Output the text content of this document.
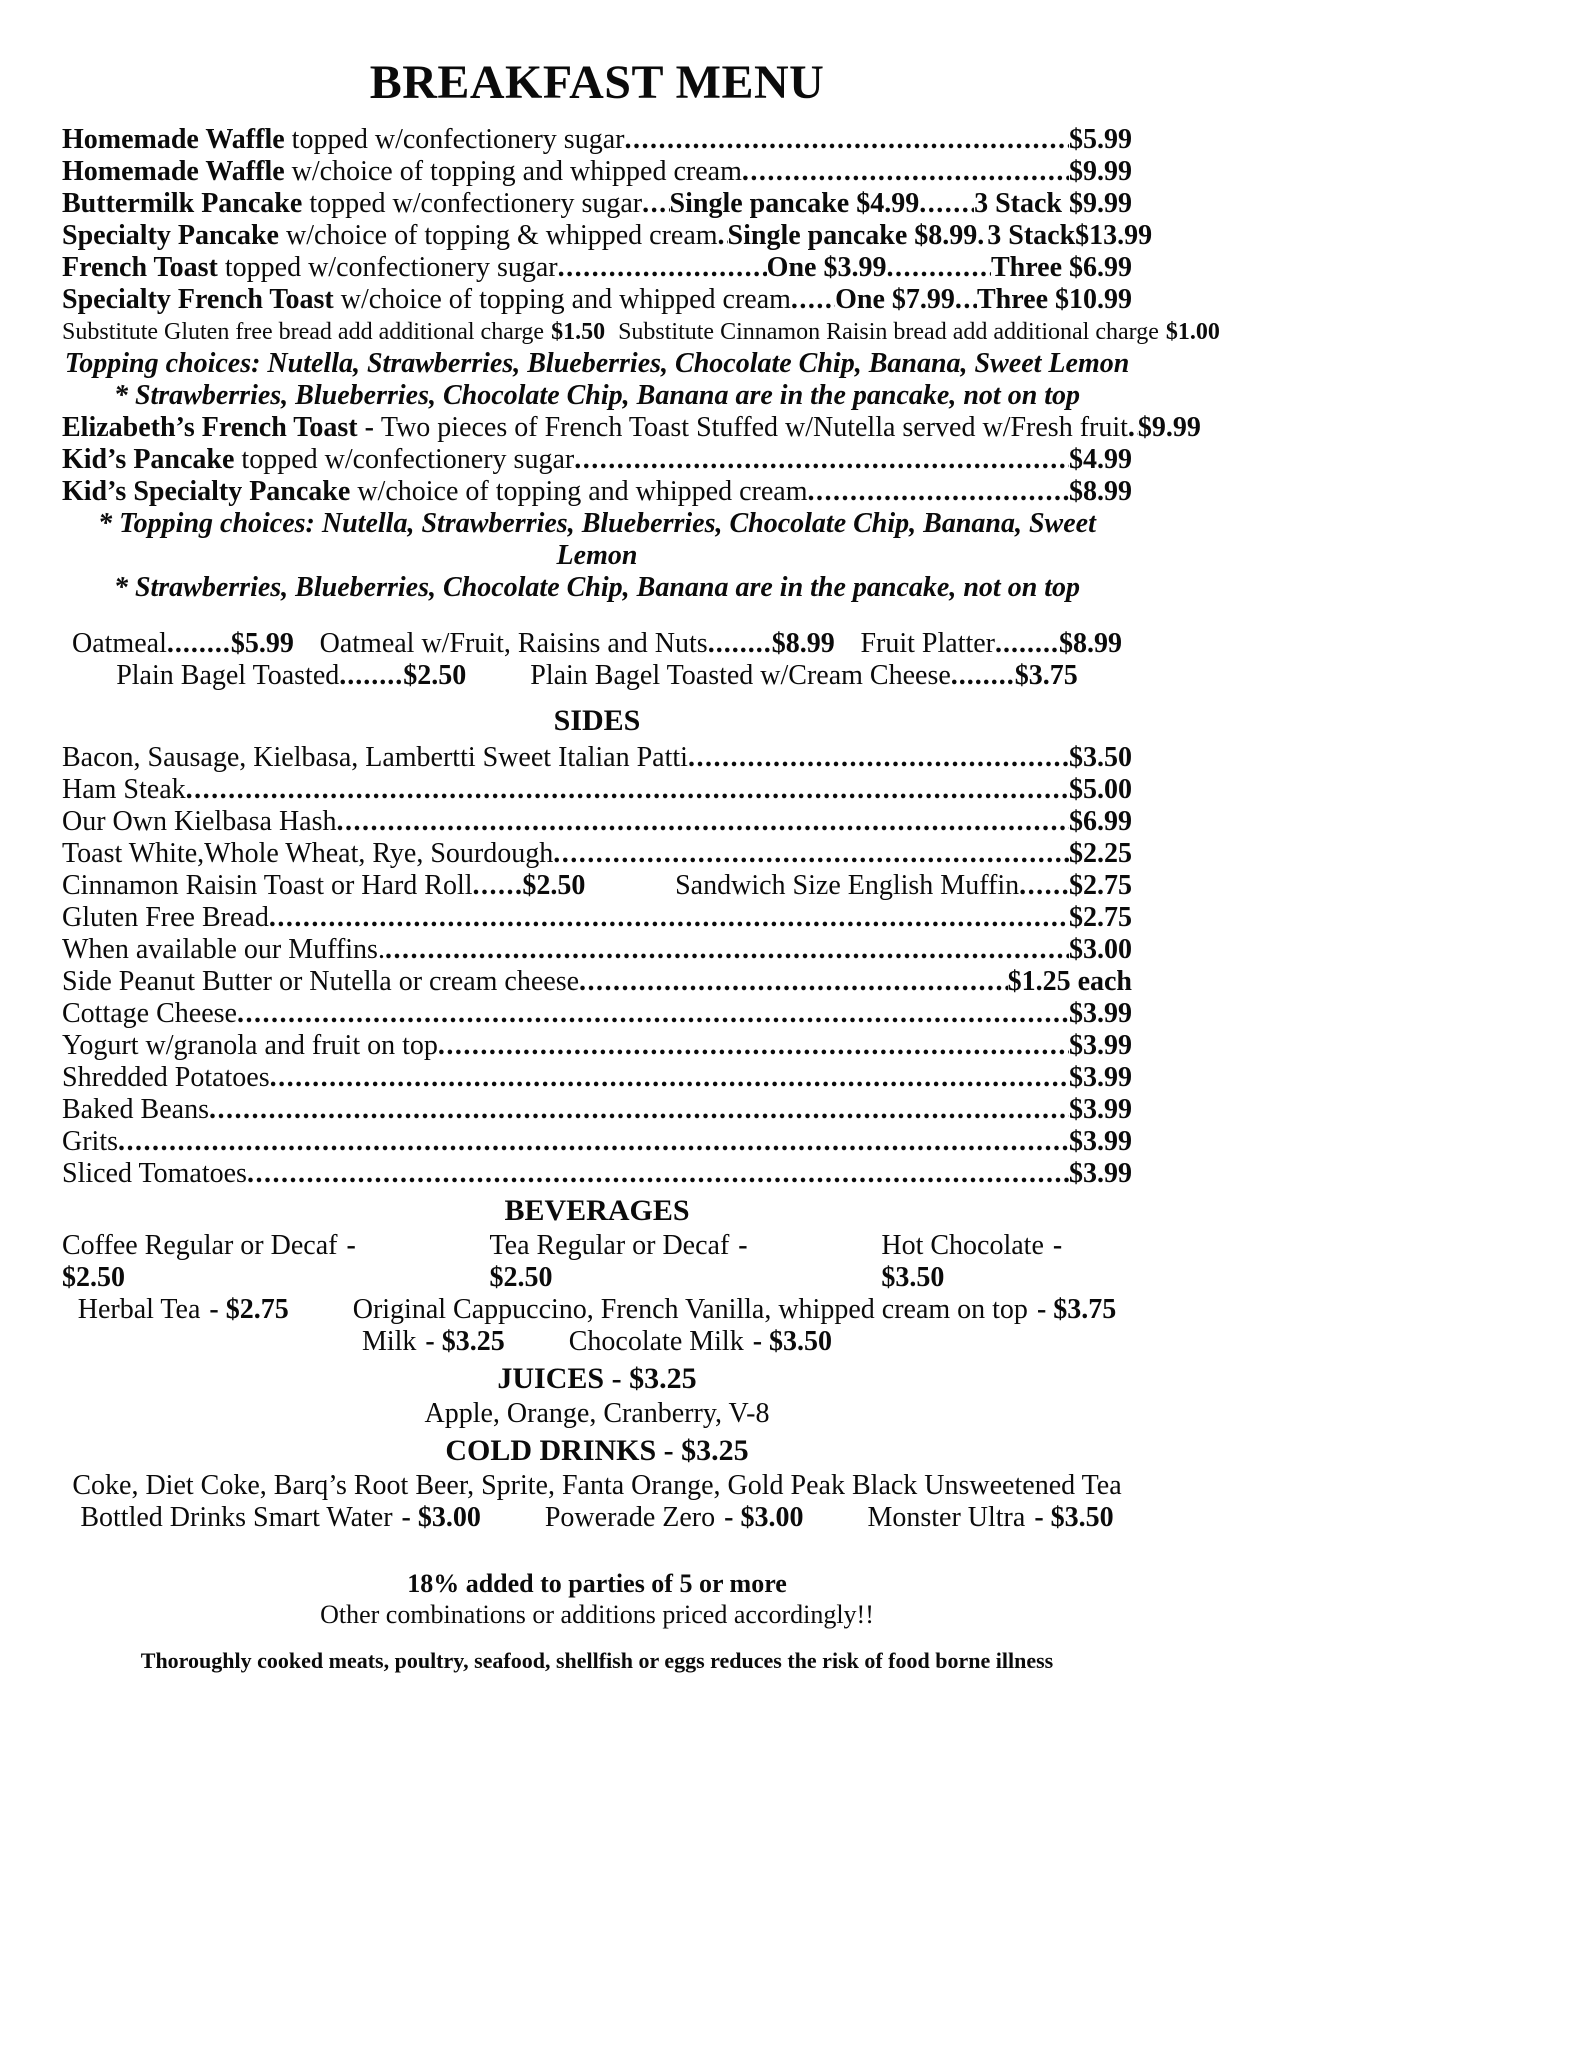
BREAKFAST MENU
Homemade Waffle topped w/confectionery sugar .....	$5.99
Homemade Waffle w/choice of topping and whipped cream .....	$9.99
Buttermilk Pancake topped w/confectionery sugar ..... Single pancake $4.99 ..... 3 Stack $9.99
Specialty Pancake w/choice of topping & whipped cream ..... Single pancake $8.99 ..... 3 Stack$13.99
French Toast topped w/confectionery sugar .....	One $3.99 .....	Three $6.99
Specialty French Toast w/choice of topping and whipped cream ..... One $7.99 ..... Three $10.99
Substitute Gluten free bread add additional charge $1.50 Substitute Cinnamon Raisin bread add additional charge $1.00
Topping choices: Nutella, Strawberries, Blueberries, Chocolate Chip, Banana, Sweet Lemon
* Strawberries, Blueberries, Chocolate Chip, Banana are in the pancake, not on top
Elizabeth’s French Toast - Two pieces of French Toast Stuffed w/Nutella served w/Fresh fruit ..... $9.99
Kid’s Pancake topped w/confectionery sugar .....	$4.99
Kid’s Specialty Pancake w/choice of topping and whipped cream .....	$8.99
* Topping choices: Nutella, Strawberries, Blueberries, Chocolate Chip, Banana, Sweet Lemon
* Strawberries, Blueberries, Chocolate Chip, Banana are in the pancake, not on top
Oatmeal ........ $5.99 Oatmeal w/Fruit, Raisins and Nuts ........ $8.99 Fruit Platter ........ $8.99
Plain Bagel Toasted ........ $2.50 Plain Bagel Toasted w/Cream Cheese ........ $3.75
SIDES
Bacon, Sausage, Kielbasa, Lambertti Sweet Italian Patti .....	$3.50
Ham Steak .....	$5.00
Our Own Kielbasa Hash .....	$6.99
Toast White,Whole Wheat, Rye, Sourdough .....	$2.25
Cinnamon Raisin Toast or Hard Roll ..... $2.50	Sandwich Size English Muffin ..... $2.75
Gluten Free Bread .....	$2.75
When available our Muffins. .....	$3.00
Side Peanut Butter or Nutella or cream cheese .....	$1.25 each
Cottage Cheese .....	$3.99
Yogurt w/granola and fruit on top .....	$3.99
Shredded Potatoes .....	$3.99
Baked Beans .....	$3.99
Grits .....	$3.99
Sliced Tomatoes .....	$3.99
BEVERAGES
Coffee Regular or Decaf - $2.50
Tea Regular or Decaf - $2.50
Hot Chocolate - $3.50
Herbal Tea - $2.75 Original Cappuccino, French Vanilla, whipped cream on top - $3.75
Milk - $3.25 Chocolate Milk - $3.50
JUICES - $3.25
Apple, Orange, Cranberry, V-8
COLD DRINKS - $3.25
Coke, Diet Coke, Barq’s Root Beer, Sprite, Fanta Orange, Gold Peak Black Unsweetened Tea
Bottled Drinks Smart Water - $3.00 Powerade Zero - $3.00 Monster Ultra - $3.50
18% added to parties of 5 or more
Other combinations or additions priced accordingly!!
Thoroughly cooked meats, poultry, seafood, shellfish or eggs reduces the risk of food borne illness
